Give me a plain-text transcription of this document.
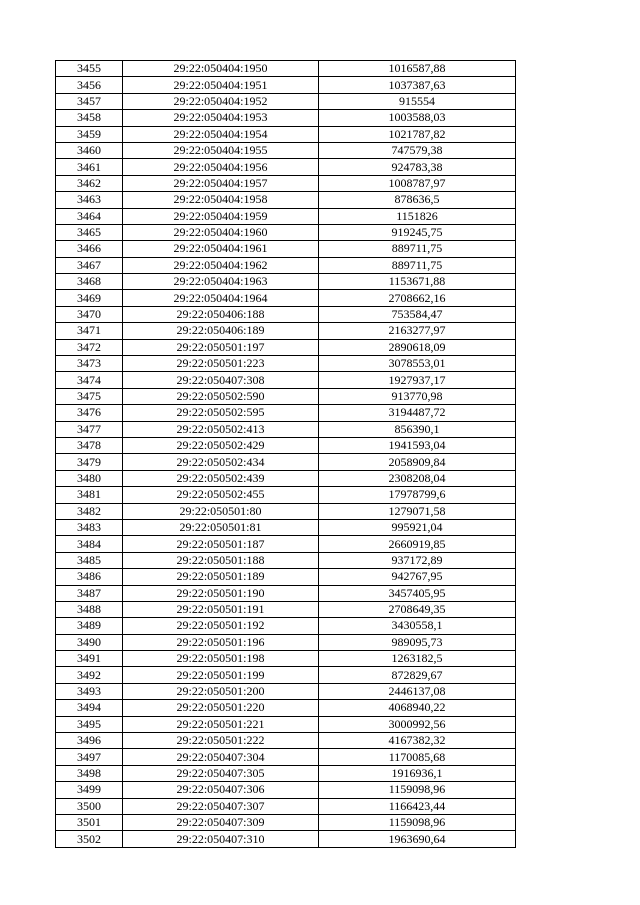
3455	29:22:050404:1950	1016587,88
3456	29:22:050404:1951	1037387,63
3457	29:22:050404:1952	915554
3458	29:22:050404:1953	1003588,03
3459	29:22:050404:1954	1021787,82
3460	29:22:050404:1955	747579,38
3461	29:22:050404:1956	924783,38
3462	29:22:050404:1957	1008787,97
3463	29:22:050404:1958	878636,5
3464	29:22:050404:1959	1151826
3465	29:22:050404:1960	919245,75
3466	29:22:050404:1961	889711,75
3467	29:22:050404:1962	889711,75
3468	29:22:050404:1963	1153671,88
3469	29:22:050404:1964	2708662,16
3470	29:22:050406:188	753584,47
3471	29:22:050406:189	2163277,97
3472	29:22:050501:197	2890618,09
3473	29:22:050501:223	3078553,01
3474	29:22:050407:308	1927937,17
3475	29:22:050502:590	913770,98
3476	29:22:050502:595	3194487,72
3477	29:22:050502:413	856390,1
3478	29:22:050502:429	1941593,04
3479	29:22:050502:434	2058909,84
3480	29:22:050502:439	2308208,04
3481	29:22:050502:455	17978799,6
3482	29:22:050501:80	1279071,58
3483	29:22:050501:81	995921,04
3484	29:22:050501:187	2660919,85
3485	29:22:050501:188	937172,89
3486	29:22:050501:189	942767,95
3487	29:22:050501:190	3457405,95
3488	29:22:050501:191	2708649,35
3489	29:22:050501:192	3430558,1
3490	29:22:050501:196	989095,73
3491	29:22:050501:198	1263182,5
3492	29:22:050501:199	872829,67
3493	29:22:050501:200	2446137,08
3494	29:22:050501:220	4068940,22
3495	29:22:050501:221	3000992,56
3496	29:22:050501:222	4167382,32
3497	29:22:050407:304	1170085,68
3498	29:22:050407:305	1916936,1
3499	29:22:050407:306	1159098,96
3500	29:22:050407:307	1166423,44
3501	29:22:050407:309	1159098,96
3502	29:22:050407:310	1963690,64
